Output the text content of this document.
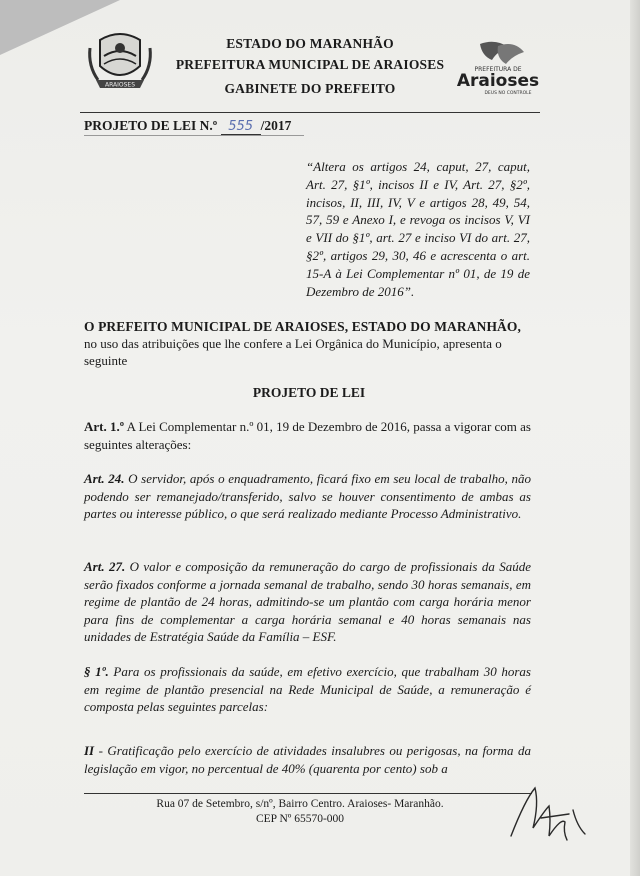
ARAIOSES
ESTADO DO MARANHÃO
PREFEITURA MUNICIPAL DE ARAIOSES
GABINETE DO PREFEITO
PREFEITURA DE
Araioses
DEUS NO CONTROLE
PROJETO DE LEI N.º 555 /2017
“Altera os artigos 24, caput, 27, caput, Art. 27, §1º, incisos II e IV, Art. 27, §2º, incisos, II, III, IV, V e artigos 28, 49, 54, 57, 59 e Anexo I, e revoga os incisos V, VI e VII do §1º, art. 27 e inciso VI do art. 27, §2º, artigos 29, 30, 46 e acrescenta o art. 15-A à Lei Complementar nº 01, de 19 de Dezembro de 2016”.
O PREFEITO MUNICIPAL DE ARAIOSES, ESTADO DO MARANHÃO,
no uso das atribuições que lhe confere a Lei Orgânica do Município, apresenta o seguinte
PROJETO DE LEI
Art. 1.º A Lei Complementar n.º 01, 19 de Dezembro de 2016, passa a vigorar com as seguintes alterações:
Art. 24. O servidor, após o enquadramento, ficará fixo em seu local de trabalho, não podendo ser remanejado/transferido, salvo se houver consentimento de ambas as partes ou interesse público, o que será realizado mediante Processo Administrativo.
Art. 27. O valor e composição da remuneração do cargo de profissionais da Saúde serão fixados conforme a jornada semanal de trabalho, sendo 30 horas semanais, em regime de plantão de 24 horas, admitindo-se um plantão com carga horária menor para fins de complementar a carga horária semanal e 40 horas semanais nas unidades de Estratégia Saúde da Família – ESF.
§ 1º. Para os profissionais da saúde, em efetivo exercício, que trabalham 30 horas em regime de plantão presencial na Rede Municipal de Saúde, a remuneração é composta pelas seguintes parcelas:
II - Gratificação pelo exercício de atividades insalubres ou perigosas, na forma da legislação em vigor, no percentual de 40% (quarenta por cento) sob a
Rua 07 de Setembro, s/nº, Bairro Centro. Araioses- Maranhão.
CEP Nº 65570-000
